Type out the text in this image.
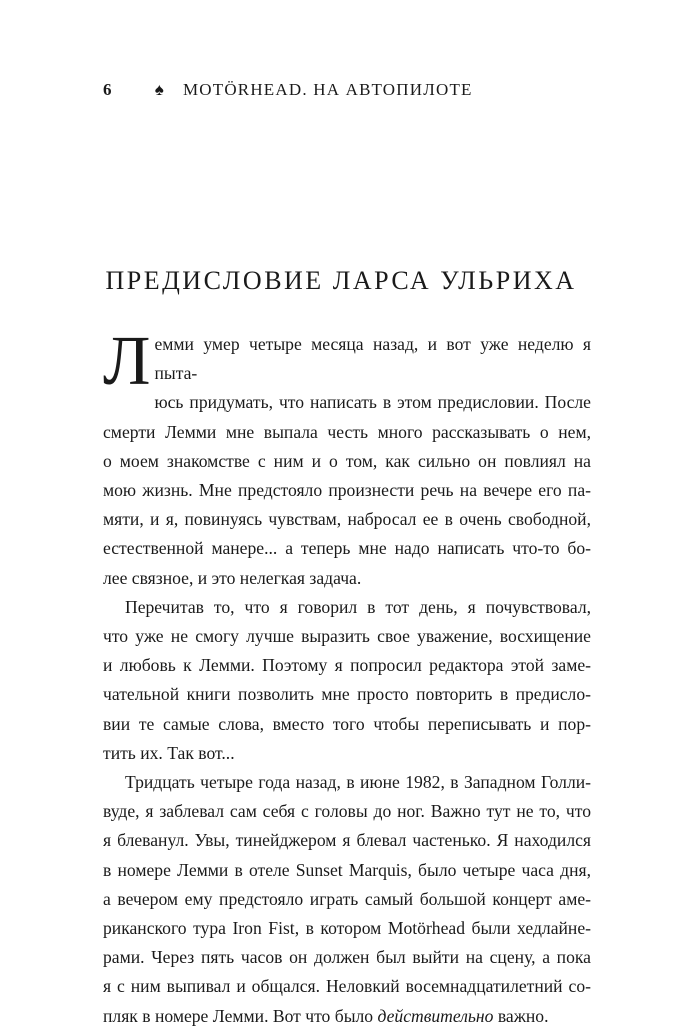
6 ♠ MOTÖRHEAD. НА АВТОПИЛОТЕ
ПРЕДИСЛОВИЕ ЛАРСА УЛЬРИХА

Л емми умер четыре месяца назад, и вот уже неделю я пыта-
юсь придумать, что написать в этом предисловии. После
смерти Лемми мне выпала честь много рассказывать о нем,
о моем знакомстве с ним и о том, как сильно он повлиял на
мою жизнь. Мне предстояло произнести речь на вечере его па-
мяти, и я, повинуясь чувствам, набросал ее в очень свободной,
естественной манере... а теперь мне надо написать что-то бо-
лее связное, и это нелегкая задача.

Перечитав то, что я говорил в тот день, я почувствовал,
что уже не смогу лучше выразить свое уважение, восхищение
и любовь к Лемми. Поэтому я попросил редактора этой заме-
чательной книги позволить мне просто повторить в предисло-
вии те самые слова, вместо того чтобы переписывать и пор-
тить их. Так вот...

Тридцать четыре года назад, в июне 1982, в Западном Голли-
вуде, я заблевал сам себя с головы до ног. Важно тут не то, что
я блеванул. Увы, тинейджером я блевал частенько. Я находился
в номере Лемми в отеле Sunset Marquis, было четыре часа дня,
а вечером ему предстояло играть самый большой концерт аме-
риканского тура Iron Fist, в котором Motörhead были хедлайне-
рами. Через пять часов он должен был выйти на сцену, а пока
я с ним выпивал и общался. Неловкий восемнадцатилетний со-
пляк в номере Лемми. Вот что было действительно важно.
